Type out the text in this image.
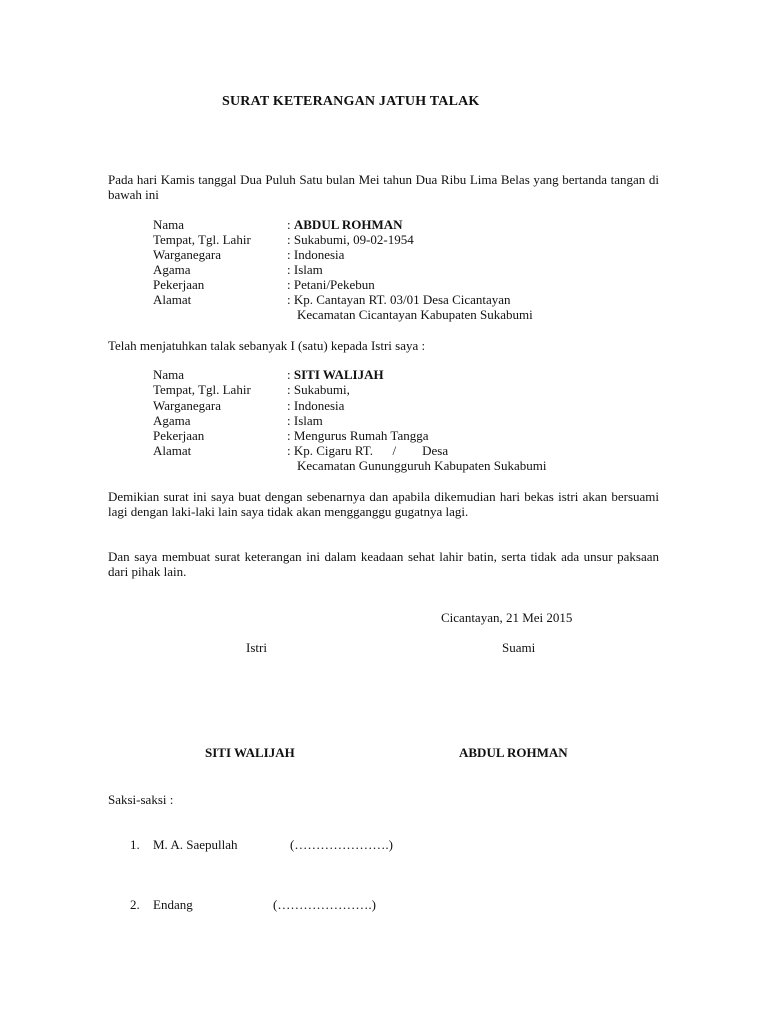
SURAT KETERANGAN JATUH TALAK
Pada hari Kamis tanggal Dua Puluh Satu bulan Mei tahun Dua Ribu Lima Belas yang bertanda tangan di bawah ini
Nama	: ABDUL ROHMAN
Tempat, Tgl. Lahir	: Sukabumi, 09-02-1954
Warganegara	: Indonesia
Agama	: Islam
Pekerjaan	: Petani/Pekebun
Alamat	: Kp. Cantayan RT. 03/01 Desa Cicantayan
Kecamatan Cicantayan Kabupaten Sukabumi
Telah menjatuhkan talak sebanyak I (satu) kepada Istri saya :
Nama	: SITI WALIJAH
Tempat, Tgl. Lahir	: Sukabumi,
Warganegara	: Indonesia
Agama	: Islam
Pekerjaan	: Mengurus Rumah Tangga
Alamat	: Kp. Cigaru RT.      /        Desa
Kecamatan Gunungguruh Kabupaten Sukabumi
Demikian surat ini saya buat dengan sebenarnya dan apabila dikemudian hari bekas istri akan bersuami lagi dengan laki-laki lain saya tidak akan mengganggu gugatnya lagi.
Dan saya membuat surat keterangan ini dalam keadaan sehat lahir batin, serta tidak ada unsur paksaan dari pihak lain.
Cicantayan, 21 Mei 2015
Istri	Suami
SITI WALIJAH	ABDUL ROHMAN
Saksi-saksi :
1. M. A. Saepullah	(………………….)
2. Endang	(………………….)
